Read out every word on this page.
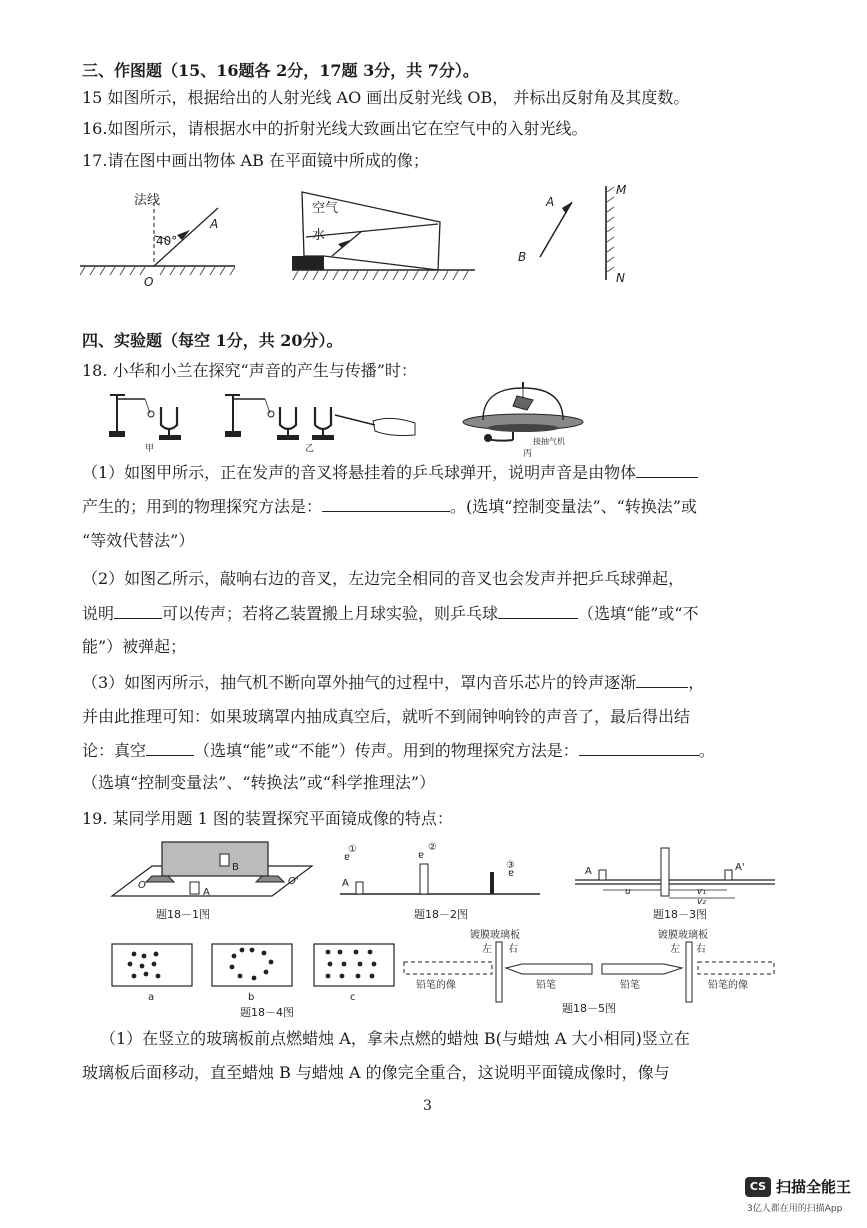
三、作图题（15、16题各 2分，17题 3分，共 7分）。
15 如图所示，根据给出的人射光线 AO 画出反射光线 OB， 并标出反射角及其度数。
16.如图所示，请根据水中的折射光线大致画出它在空气中的入射光线。
17.请在图中画出物体 AB 在平面镜中所成的像；
法线
40°
A
O
空气
水
A
B
M
N
四、实验题（每空 1分，共 20分）。
18. 小华和小兰在探究“声音的产生与传播”时：
甲	乙
接抽气机
丙
（1）如图甲所示，正在发声的音叉将悬挂着的乒乓球弹开，说明声音是由物体
产生的；用到的物理探究方法是：	。(选填“控制变量法”、“转换法”或
“等效代替法”）
（2）如图乙所示，敲响右边的音叉，左边完全相同的音叉也会发声并把乒乓球弹起，
说明	可以传声；若将乙装置搬上月球实验，则乒乓球	（选填“能”或“不
能”）被弹起；
（3）如图丙所示，抽气机不断向罩外抽气的过程中，罩内音乐芯片的铃声逐渐	，
并由此推理可知：如果玻璃罩内抽成真空后，就听不到闹钟响铃的声音了，最后得出结
论：真空	（选填“能”或“不能”）传声。用到的物理探究方法是：	。
（选填“控制变量法”、“转换法”或“科学推理法”）
19. 某同学用题 1 图的装置探究平面镜成像的特点：
B
A
O	O'
题18－1图
①
ɐ
②
ɐ
③
ɐ
A
题18－2图
A	A'
u	v₁
v₂
题18－3图
a	b	c
题18－4图
镀膜玻璃板
左 右
铅笔的像	铅笔
镀膜玻璃板
左 右
铅笔	铅笔的像
题18－5图
（1）在竖立的玻璃板前点燃蜡烛 A，拿未点燃的蜡烛 B(与蜡烛 A 大小相同)竖立在
玻璃板后面移动，直至蜡烛 B 与蜡烛 A 的像完全重合，这说明平面镜成像时，像与
3
CS 扫描全能王
3亿人都在用的扫描App
